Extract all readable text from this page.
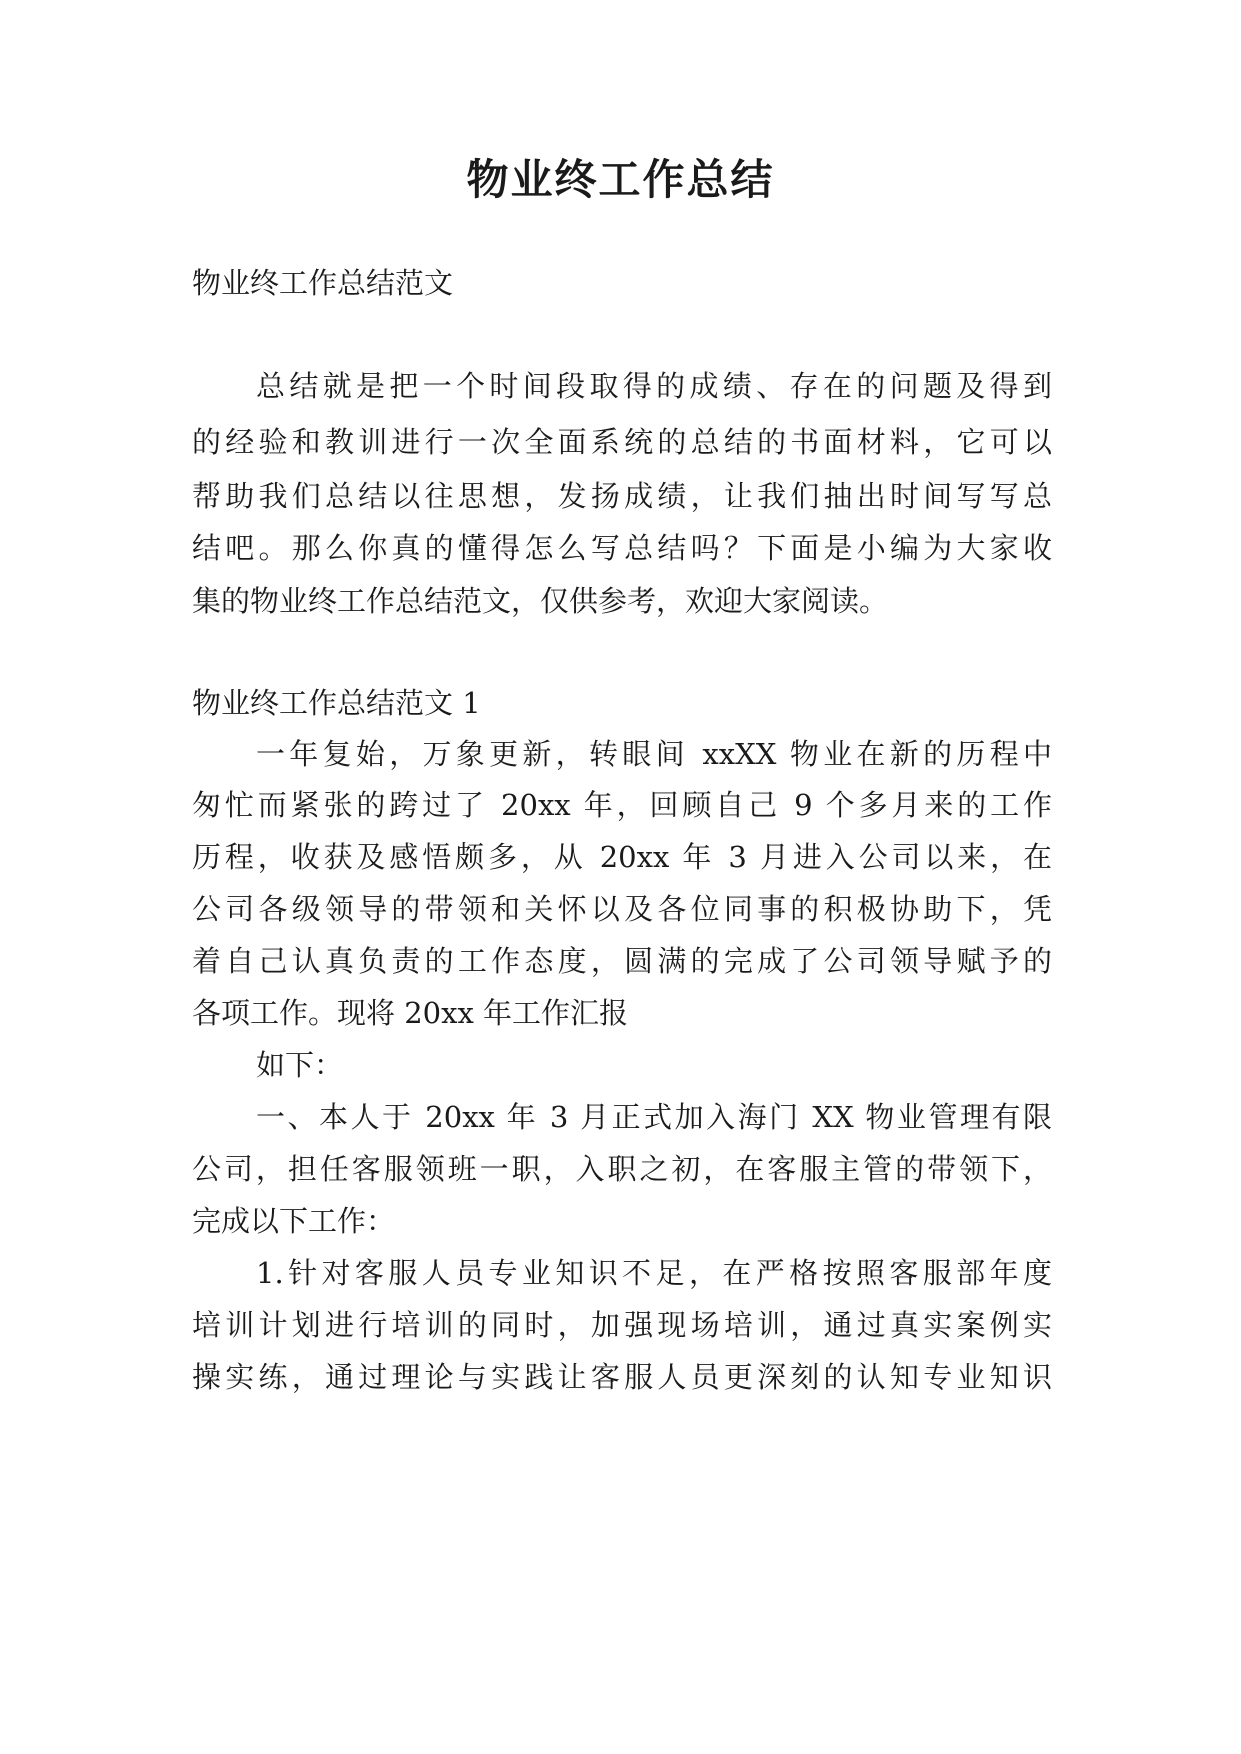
物业终工作总结

物业终工作总结范文

总结就是把一个时间段取得的成绩、存在的问题及得到

的经验和教训进行一次全面系统的总结的书面材料，它可以

帮助我们总结以往思想，发扬成绩，让我们抽出时间写写总

结吧。那么你真的懂得怎么写总结吗？下面是小编为大家收

集的物业终工作总结范文，仅供参考，欢迎大家阅读。

物业终工作总结范文 1

一年复始，万象更新，转眼间 xxXX 物业在新的历程中

匆忙而紧张的跨过了 20xx 年，回顾自己 9 个多月来的工作

历程，收获及感悟颇多，从 20xx 年 3 月进入公司以来，在

公司各级领导的带领和关怀以及各位同事的积极协助下，凭

着自己认真负责的工作态度，圆满的完成了公司领导赋予的

各项工作。现将 20xx 年工作汇报

如下：

一、本人于 20xx 年 3 月正式加入海门 XX 物业管理有限

公司，担任客服领班一职，入职之初，在客服主管的带领下，

完成以下工作：

1.针对客服人员专业知识不足，在严格按照客服部年度

培训计划进行培训的同时，加强现场培训，通过真实案例实

操实练，通过理论与实践让客服人员更深刻的认知专业知识
